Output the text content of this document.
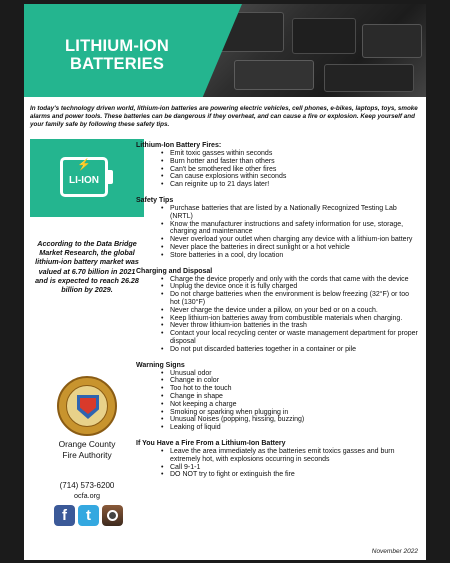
LITHIUM-ION
BATTERIES
In today's technology driven world, lithium-ion batteries are powering electric vehicles, cell phones, e-bikes, laptops, toys, smoke alarms and power tools. These batteries can be dangerous if they overheat, and can cause a fire or explosion. Keep yourself and your family safe by following these safety tips.
⚡
LI-ION
According to the Data Bridge Market Research, the global lithium-ion battery market was valued at 6.70 billion in 2021 and is expected to reach 26.28 billion by 2029.
Orange County
Fire Authority
(714) 573-6200
ocfa.org
f	t
Lithium-Ion Battery Fires:
• Emit toxic gasses within seconds
• Burn hotter and faster than others
• Can't be smothered like other fires
• Can cause explosions within seconds
• Can reignite up to 21 days later!
Safety Tips
• Purchase batteries that are listed by a Nationally Recognized Testing Lab (NRTL)
• Know the manufacturer instructions and safety information for use, storage, charging and maintenance
• Never overload your outlet when charging any device with a lithium-ion battery
• Never place the batteries in direct sunlight or a hot vehicle
• Store batteries in a cool, dry location
Charging and Disposal
• Charge the device properly and only with the cords that came with the device
• Unplug the device once it is fully charged
• Do not charge batteries when the environment is below freezing (32°F) or too hot (130°F)
• Never charge the device under a pillow, on your bed or on a couch.
• Keep lithium-ion batteries away from combustible materials when charging.
• Never throw lithium-ion batteries in the trash
• Contact your local recycling center or waste management department for proper disposal
• Do not put discarded batteries together in a container or pile
Warning Signs
• Unusual odor
• Change in color
• Too hot to the touch
• Change in shape
• Not keeping a charge
• Smoking or sparking when plugging in
• Unusual Noises (popping, hissing, buzzing)
• Leaking of liquid
If You Have a Fire From a Lithium-Ion Battery
• Leave the area immediately as the batteries emit toxics gasses and burn extremely hot, with explosions occurring in seconds
• Call 9-1-1
• DO NOT try to fight or extinguish the fire
November 2022
